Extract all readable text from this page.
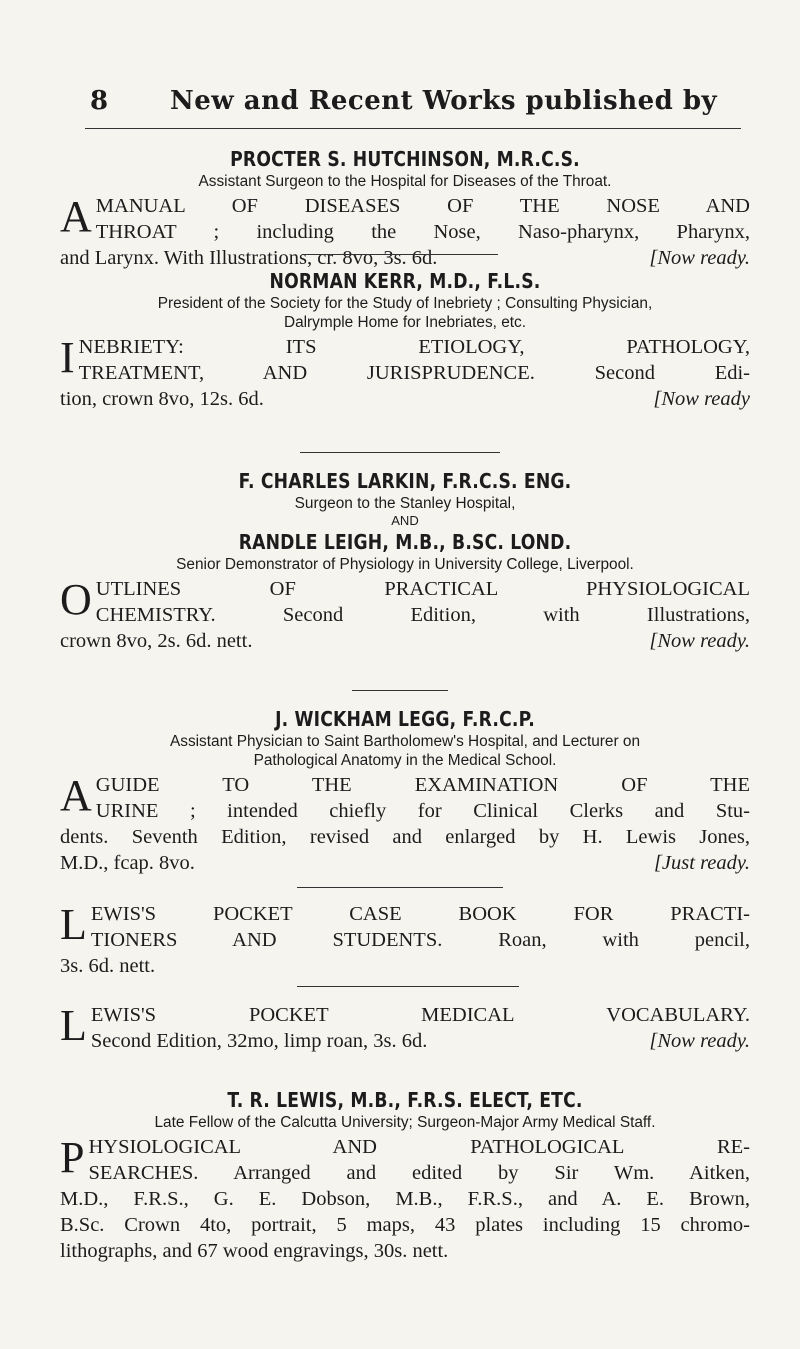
8 New and Recent Works published by
PROCTER S. HUTCHINSON, M.R.C.S.
Assistant Surgeon to the Hospital for Diseases of the Throat.
A MANUAL OF DISEASES OF THE NOSE AND
THROAT ; including the Nose, Naso-pharynx, Pharynx,
and Larynx. With Illustrations, cr. 8vo, 3s. 6d.	[Now ready.
NORMAN KERR, M.D., F.L.S.
President of the Society for the Study of Inebriety ; Consulting Physician,
Dalrymple Home for Inebriates, etc.
I NEBRIETY: ITS ETIOLOGY, PATHOLOGY,
TREATMENT, AND JURISPRUDENCE. Second Edi-
tion, crown 8vo, 12s. 6d.	[Now ready
F. CHARLES LARKIN, F.R.C.S. ENG.
Surgeon to the Stanley Hospital,
AND
RANDLE LEIGH, M.B., B.SC. LOND.
Senior Demonstrator of Physiology in University College, Liverpool.
O UTLINES OF PRACTICAL PHYSIOLOGICAL
CHEMISTRY. Second Edition, with Illustrations,
crown 8vo, 2s. 6d. nett.	[Now ready.
J. WICKHAM LEGG, F.R.C.P.
Assistant Physician to Saint Bartholomew's Hospital, and Lecturer on
Pathological Anatomy in the Medical School.
A GUIDE TO THE EXAMINATION OF THE
URINE ; intended chiefly for Clinical Clerks and Stu-
dents. Seventh Edition, revised and enlarged by H. Lewis Jones,
M.D., fcap. 8vo.	[Just ready.
L EWIS'S POCKET CASE BOOK FOR PRACTI-
TIONERS AND STUDENTS. Roan, with pencil,
3s. 6d. nett.
L EWIS'S POCKET MEDICAL VOCABULARY.
Second Edition, 32mo, limp roan, 3s. 6d.	[Now ready.
T. R. LEWIS, M.B., F.R.S. ELECT, ETC.
Late Fellow of the Calcutta University; Surgeon-Major Army Medical Staff.
P HYSIOLOGICAL AND PATHOLOGICAL RE-
SEARCHES. Arranged and edited by Sir Wm. Aitken,
M.D., F.R.S., G. E. Dobson, M.B., F.R.S., and A. E. Brown,
B.Sc. Crown 4to, portrait, 5 maps, 43 plates including 15 chromo-
lithographs, and 67 wood engravings, 30s. nett.
